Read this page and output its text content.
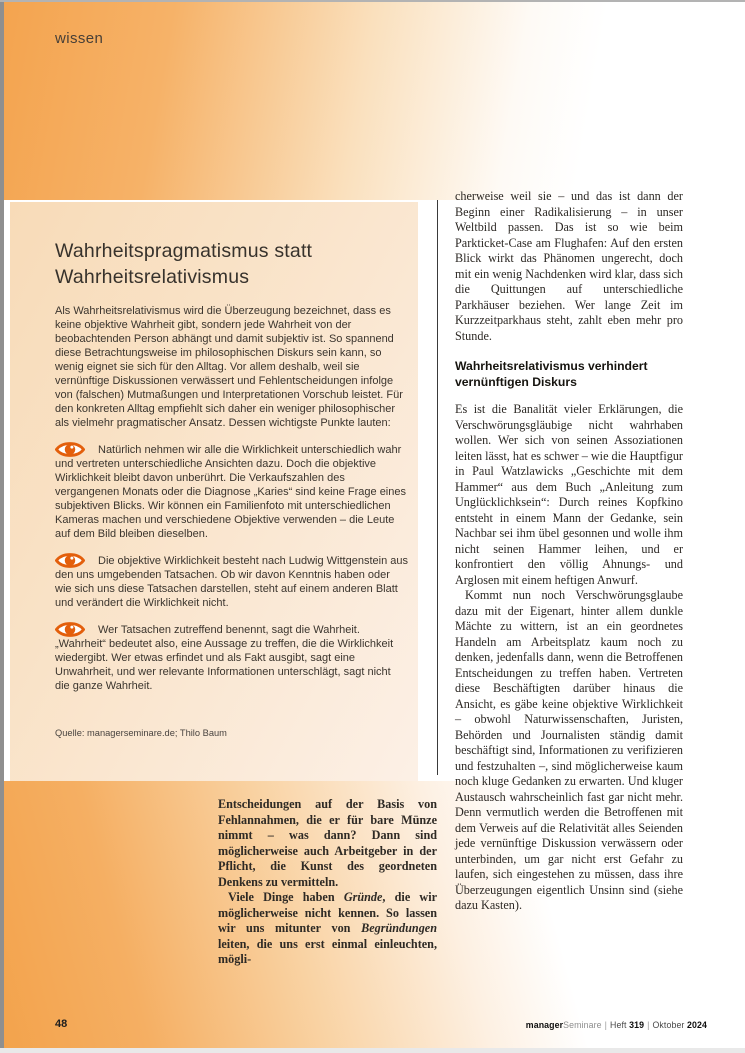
wissen
Wahrheitspragmatismus statt Wahrheitsrelativismus

Als Wahrheitsrelativismus wird die Überzeugung bezeichnet, dass es keine objektive Wahrheit gibt, sondern jede Wahrheit von der beobachtenden Person abhängt und damit subjektiv ist. So spannend diese Betrachtungsweise im philosophischen Diskurs sein kann, so wenig eignet sie sich für den Alltag. Vor allem deshalb, weil sie vernünftige Diskussionen verwässert und Fehlentscheidungen infolge von (falschen) Mutmaßungen und Interpretationen Vorschub leistet. Für den konkreten Alltag empfiehlt sich daher ein weniger philosophischer als vielmehr pragmatischer Ansatz. Dessen wichtigste Punkte lauten:

Natürlich nehmen wir alle die Wirklichkeit unterschiedlich wahr und vertreten unterschiedliche Ansichten dazu. Doch die objektive Wirklichkeit bleibt davon unberührt. Die Verkaufszahlen des vergangenen Monats oder die Diagnose „Karies“ sind keine Frage eines subjektiven Blicks. Wir können ein Familienfoto mit unterschiedlichen Kameras machen und verschiedene Objektive verwenden – die Leute auf dem Bild bleiben dieselben.

Die objektive Wirklichkeit besteht nach Ludwig Wittgenstein aus den uns umgebenden Tatsachen. Ob wir davon Kenntnis haben oder wie sich uns diese Tatsachen darstellen, steht auf einem anderen Blatt und verändert die Wirklichkeit nicht.

Wer Tatsachen zutreffend benennt, sagt die Wahrheit. „Wahrheit“ bedeutet also, eine Aussage zu treffen, die die Wirklichkeit wiedergibt. Wer etwas erfindet und als Fakt ausgibt, sagt eine Unwahrheit, und wer relevante Informationen unterschlägt, sagt nicht die ganze Wahrheit.

Quelle: managerseminare.de; Thilo Baum

Entscheidungen auf der Basis von Fehlannahmen, die er für bare Münze nimmt – was dann? Dann sind möglicherweise auch Arbeitgeber in der Pflicht, die Kunst des geordneten Denkens zu vermitteln.

Viele Dinge haben Gründe, die wir möglicherweise nicht kennen. So lassen wir uns mitunter von Begründungen leiten, die uns erst einmal einleuchten, mögli-

cherweise weil sie – und das ist dann der Beginn einer Radikalisierung – in unser Weltbild passen. Das ist so wie beim Parkticket-Case am Flughafen: Auf den ersten Blick wirkt das Phänomen ungerecht, doch mit ein wenig Nachdenken wird klar, dass sich die Quittungen auf unterschiedliche Parkhäuser beziehen. Wer lange Zeit im Kurzzeitparkhaus steht, zahlt eben mehr pro Stunde.

Wahrheitsrelativismus verhindert vernünftigen Diskurs

Es ist die Banalität vieler Erklärungen, die Verschwörungsgläubige nicht wahrhaben wollen. Wer sich von seinen Assoziationen leiten lässt, hat es schwer – wie die Hauptfigur in Paul Watzlawicks „Geschichte mit dem Hammer“ aus dem Buch „Anleitung zum Unglücklichksein“: Durch reines Kopfkino entsteht in einem Mann der Gedanke, sein Nachbar sei ihm übel gesonnen und wolle ihm nicht seinen Hammer leihen, und er konfrontiert den völlig Ahnungs- und Arglosen mit einem heftigen Anwurf.

Kommt nun noch Verschwörungsglaube dazu mit der Eigenart, hinter allem dunkle Mächte zu wittern, ist an ein geordnetes Handeln am Arbeitsplatz kaum noch zu denken, jedenfalls dann, wenn die Betroffenen Entscheidungen zu treffen haben. Vertreten diese Beschäftigten darüber hinaus die Ansicht, es gäbe keine objektive Wirklichkeit – obwohl Naturwissenschaften, Juristen, Behörden und Journalisten ständig damit beschäftigt sind, Informationen zu verifizieren und festzuhalten –, sind möglicherweise kaum noch kluge Gedanken zu erwarten. Und kluger Austausch wahrscheinlich fast gar nicht mehr. Denn vermutlich werden die Betroffenen mit dem Verweis auf die Relativität alles Seienden jede vernünftige Diskussion verwässern oder unterbinden, um gar nicht erst Gefahr zu laufen, sich eingestehen zu müssen, dass ihre Überzeugungen eigentlich Unsinn sind (siehe dazu Kasten).

48	managerSeminare | Heft 319 | Oktober 2024
